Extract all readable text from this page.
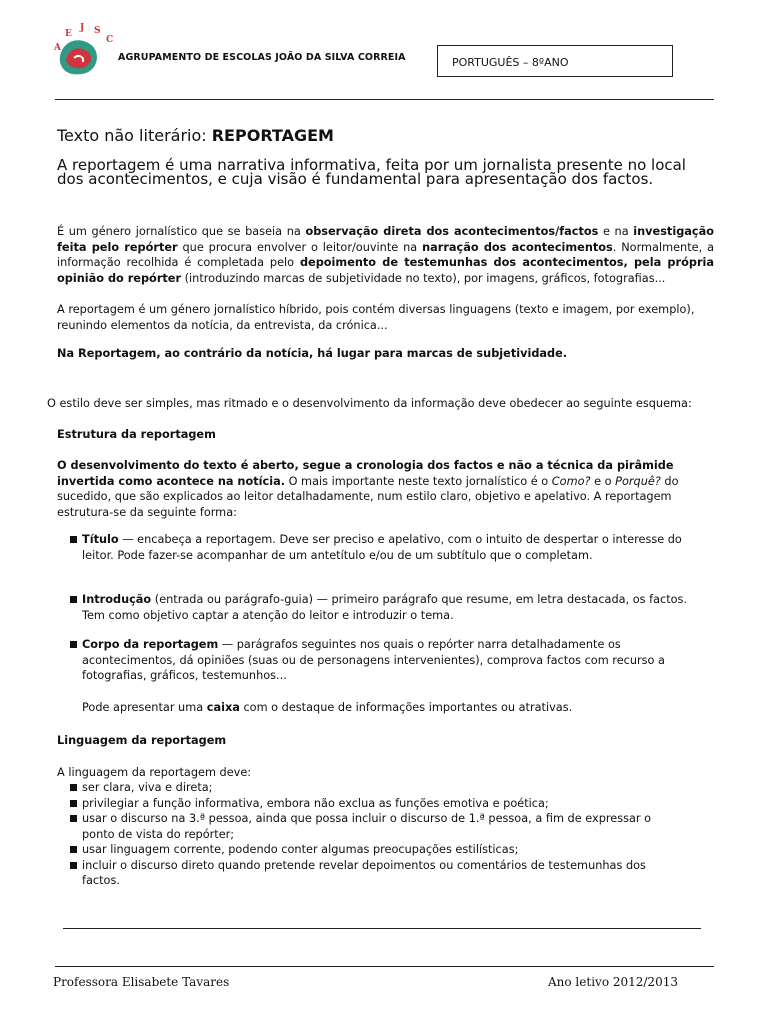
A
E
J S
C
AGRUPAMENTO DE ESCOLAS JOÃO DA SILVA CORREIA	PORTUGUÊS – 8ºANO
Texto não literário: REPORTAGEM
A reportagem é uma narrativa informativa, feita por um jornalista presente no local dos acontecimentos, e cuja visão é fundamental para apresentação dos factos.
É um género jornalístico que se baseia na observação direta dos acontecimentos/factos e na investigação feita pelo repórter que procura envolver o leitor/ouvinte na narração dos acontecimentos. Normalmente, a informação recolhida é completada pelo depoimento de testemunhas dos acontecimentos, pela própria opinião do repórter (introduzindo marcas de subjetividade no texto), por imagens, gráficos, fotografias...
A reportagem é um género jornalístico híbrido, pois contém diversas linguagens (texto e imagem, por exemplo), reunindo elementos da notícia, da entrevista, da crónica...
Na Reportagem, ao contrário da notícia, há lugar para marcas de subjetividade.
O estilo deve ser simples, mas ritmado e o desenvolvimento da informação deve obedecer ao seguinte esquema:
Estrutura da reportagem
O desenvolvimento do texto é aberto, segue a cronologia dos factos e não a técnica da pirâmide invertida como acontece na notícia. O mais importante neste texto jornalístico é o Como? e o Porquê? do sucedido, que são explicados ao leitor detalhadamente, num estilo claro, objetivo e apelativo. A reportagem estrutura-se da seguinte forma:
Título — encabeça a reportagem. Deve ser preciso e apelativo, com o intuito de despertar o interesse do leitor. Pode fazer-se acompanhar de um antetítulo e/ou de um subtítulo que o completam.
Introdução (entrada ou parágrafo-guia) — primeiro parágrafo que resume, em letra destacada, os factos. Tem como objetivo captar a atenção do leitor e introduzir o tema.
Corpo da reportagem — parágrafos seguintes nos quais o repórter narra detalhadamente os acontecimentos, dá opiniões (suas ou de personagens intervenientes), comprova factos com recurso a fotografias, gráficos, testemunhos...
Pode apresentar uma caixa com o destaque de informações importantes ou atrativas.
Linguagem da reportagem
A linguagem da reportagem deve:
ser clara, viva e direta;
privilegiar a função informativa, embora não exclua as funções emotiva e poética;
usar o discurso na 3.ª pessoa, ainda que possa incluir o discurso de 1.ª pessoa, a fim de expressar o ponto de vista do repórter;
usar linguagem corrente, podendo conter algumas preocupações estilísticas;
incluir o discurso direto quando pretende revelar depoimentos ou comentários de testemunhas dos factos.
Professora Elisabete Tavares	Ano letivo 2012/2013
